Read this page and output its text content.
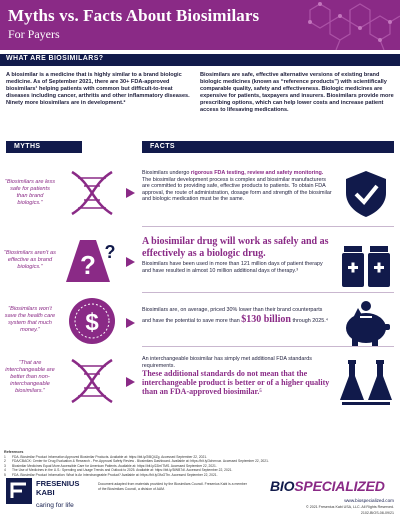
Myths vs. Facts About Biosimilars
For Payers
WHAT ARE BIOSIMILARS?
A biosimilar is a medicine that is highly similar to a brand biologic medicine. As of September 2021, there are 30+ FDA-approved biosimilars¹ helping patients with common but difficult-to-treat diseases including cancer, arthritis and other inflammatory diseases. Ninety more biosimilars are in development.²
Biosimilars are safe, effective alternative versions of existing brand biologic medicines (known as “reference products”) with scientifically comparable quality, safety and effectiveness. Biologic medicines are expensive for patients, taxpayers and insurers. Biosimilars provide more prescribing options, which can help lower costs and increase patient access to lifesaving medications.
MYTHS	FACTS
“Biosimilars are less safe for patients than brand biologics.”
Biosimilars undergo rigorous FDA testing, review and safety monitoring. The biosimilar development process is complex and biosimilar manufacturers are committed to providing safe, effective products to patients. To obtain FDA approval, the route of administration, dosage form and strength of the biosimilar and biologic medication must be the same.
“Biosimilars aren’t as effective as brand biologics.”	? ?
A biosimilar drug will work as safely and as effectively as a biologic drug.
Biosimilars have been used in more than 121 million days of patient therapy and have resulted in almost 10 million additional days of therapy.³
“Biosimilars won’t save the health care system that much money.”	$	Biosimilars are, on average, priced 30% lower than their brand counterparts and have the potential to save more than $130 billion through 2025.⁴
“That are interchangeable are better than non-interchangeable biosimilars.”
An interchangeable biosimilar has simply met additional FDA standards requirements.
These additional standards do not mean that the interchangeable product is better or of a higher quality than an FDA-approved biosimilar.⁵
References
1	FDA. Biosimilar Product Information Approved Biosimilar Products. Available at: https://bit.ly/2iBQ4Zg. Accessed September 22, 2021.
2	FDA/CBACK: Center for Drug Evaluation & Research - Pre-Approval Safety Review - Biosimilars Dashboard. Available at: https://bit.ly/3chmxux. Accessed September 22, 2021.
3	Biosimilar Medicines Equal More Accessible Care for American Patients. Available at: https://bit.ly/2ZmITMS. Accessed September 22, 2021.
4	The Use of Medicines in the U.S.: Spending and Usage Trends and Outlook to 2025. Available at: https://bit.ly/3iWB7dl. Accessed September 22, 2021.
5	FDA. Biosimilar Product Information: What Is An Interchangeable Product? Available at: https://bit.ly/3fuGTtn. Accessed September 22, 2021.
FRESENIUS
KABI
caring for life
Document adapted from materials provided by the Biosimilars Council. Fresenius Kabi is a member of the Biosimilars Council, a division of AAM.	BIOSPECIALIZED
www.biospecialized.com
© 2021 Fresenius Kabi USA, LLC. All Rights Reserved.
2102-BIOS-08-09/21
